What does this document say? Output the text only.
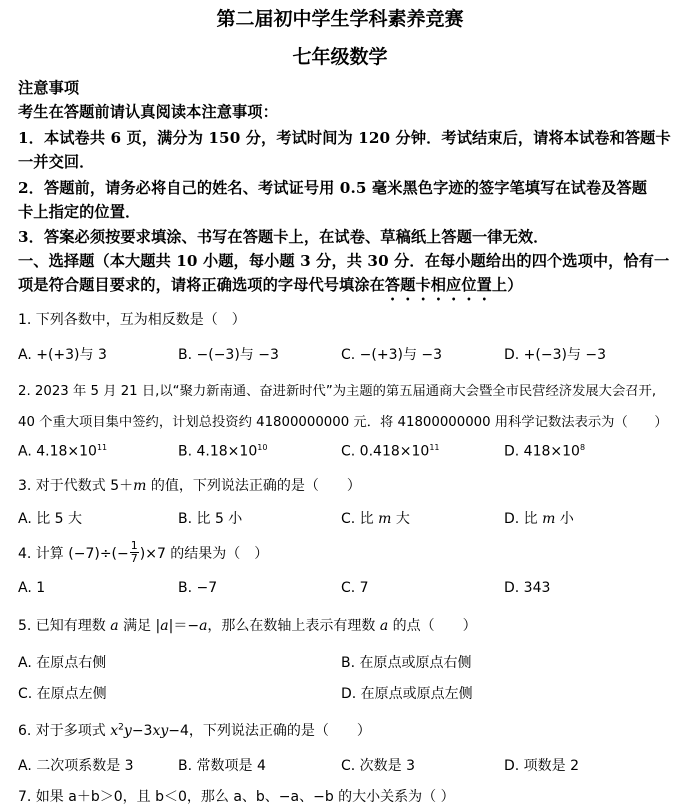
第二届初中学生学科素养竞赛
七年级数学
注意事项
考生在答题前请认真阅读本注意事项：
1．本试卷共 6 页，满分为 150 分，考试时间为 120 分钟．考试结束后，请将本试卷和答题卡
一并交回．
2．答题前，请务必将自己的姓名、考试证号用 0.5 毫米黑色字迹的签字笔填写在试卷及答题
卡上指定的位置．
3．答案必须按要求填涂、书写在答题卡上，在试卷、草稿纸上答题一律无效．
一、选择题（本大题共 10 小题，每小题 3 分，共 30 分．在每小题给出的四个选项中，恰有一
项是符合题目要求的，请将正确选项的字母代号填涂在答题卡相应位置上）
1. 下列各数中，互为相反数是（　）
A. +(+3)与 3	B. −(−3)与 −3	C. −(+3)与 −3	D. +(−3)与 −3
2. 2023 年 5 月 21 日,以“聚力新南通、奋进新时代”为主题的第五届通商大会暨全市民营经济发展大会召开,
40 个重大项目集中签约，计划总投资约 41800000000 元．将 41800000000 用科学记数法表示为（　　）
A. $4.18\times 10^{11}$	B. $4.18\times 10^{10}$	C. $0.418\times 10^{11}$	D. $418\times 10^8$
3. 对于代数式 5＋m 的值，下列说法正确的是（　　）
A. 比 5 大	B. 比 5 小	C. 比 m 大	D. 比 m 小
4. 计算 $(-7)\div(- \frac{1}{7} )\times 7$ 的结果为（　）
A. 1	B. −7	C. 7	D. 343
5. 已知有理数 a 满足 |a|＝−a，那么在数轴上表示有理数 a 的点（　　）
A. 在原点右侧	B. 在原点或原点右侧
C. 在原点左侧	D. 在原点或原点左侧
6. 对于多项式 $x^2y-3xy-4$，下列说法正确的是（　　）
A. 二次项系数是 3	B. 常数项是 4	C. 次数是 3	D. 项数是 2
7. 如果 a＋b＞0，且 b＜0，那么 a、b、−a、−b 的大小关系为（ ）
